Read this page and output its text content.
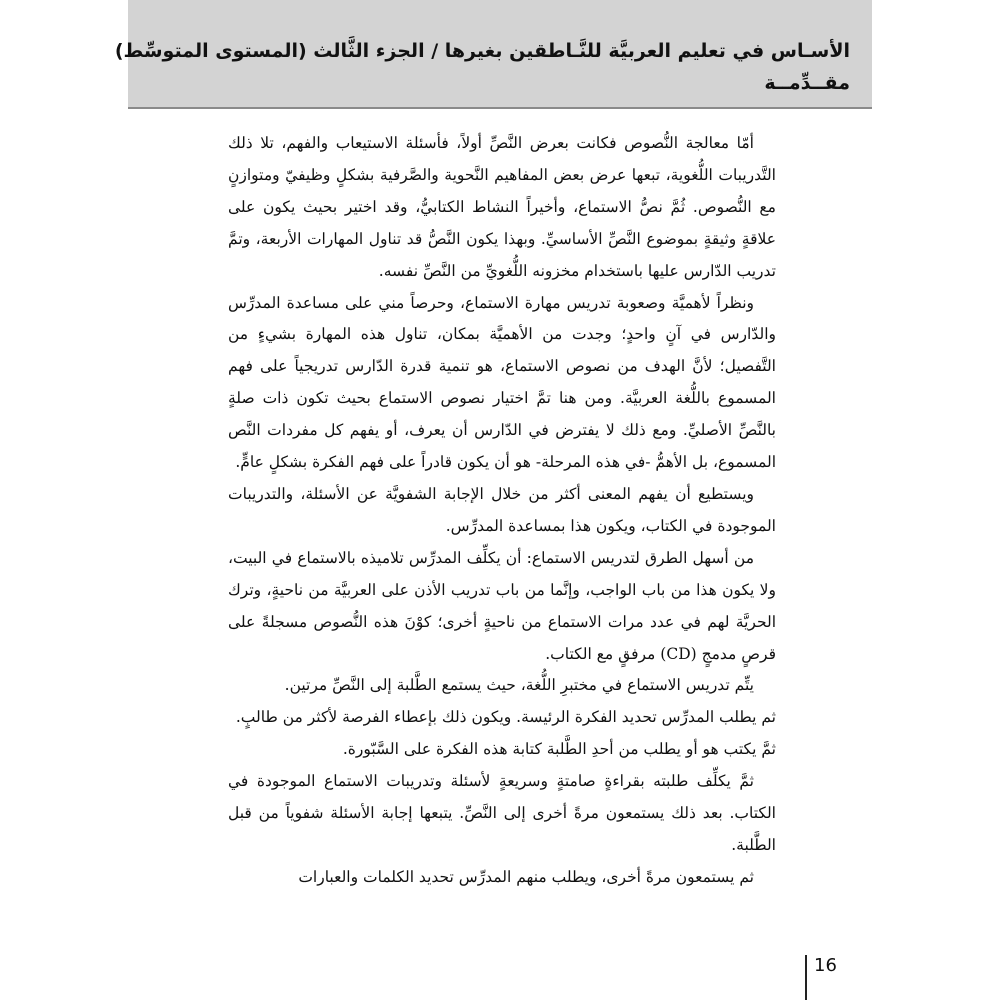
الأسـاس في تعليم العربيَّة للنَّـاطقين بغيرها / الجزء الثَّالث (المستوى المتوسِّط)
مقــدِّمــة

أمّا معالجة النُّصوص فكانت بعرض النَّصِّ أولاً، فأسئلة الاستيعاب والفهم، تلا ذلك التَّدريبات اللُّغوية، تبعها عرض بعض المفاهيم النَّحوية والصَّرفية بشكلٍ وظيفيّ ومتوازنٍ مع النُّصوص. ثُمَّ نصُّ الاستماع، وأخيراً النشاط الكتابيُّ، وقد اختير بحيث يكون على علاقةٍ وثيقةٍ بموضوع النَّصِّ الأساسيِّ. وبهذا يكون النَّصُّ قد تناول المهارات الأربعة، وتمَّ تدريب الدّارس عليها باستخدام مخزونه اللُّغويِّ من النَّصِّ نفسه.

ونظراً لأهميَّة وصعوبة تدريس مهارة الاستماع، وحرصاً مني على مساعدة المدرِّس والدّارس في آنٍ واحدٍ؛ وجدت من الأهميَّة بمكان، تناول هذه المهارة بشيءٍ من التَّفصيل؛ لأنَّ الهدف من نصوص الاستماع، هو تنمية قدرة الدّارس تدريجياً على فهم المسموع باللُّغة العربيَّة. ومن هنا تمَّ اختيار نصوص الاستماع بحيث تكون ذات صلةٍ بالنَّصِّ الأصليِّ. ومع ذلك لا يفترض في الدّارس أن يعرف، أو يفهم كل مفردات النَّص المسموع، بل الأهمُّ -في هذه المرحلة- هو أن يكون قادراً على فهم الفكرة بشكلٍ عامٍّ.

ويستطيع أن يفهم المعنى أكثر من خلال الإجابة الشفويَّة عن الأسئلة، والتدريبات الموجودة في الكتاب، ويكون هذا بمساعدة المدرِّس.

من أسهل الطرق لتدريس الاستماع: أن يكلِّف المدرِّس تلاميذه بالاستماع في البيت، ولا يكون هذا من باب الواجب، وإنَّما من باب تدريب الأذن على العربيَّة من ناحيةٍ، وترك الحريَّة لهم في عدد مرات الاستماع من ناحيةٍ أخرى؛ كوْنَ هذه النُّصوص مسجلةً على قرصٍ مدمجٍ (CD) مرفقٍ مع الكتاب.

يتِّم تدريس الاستماع في مختبرِ اللُّغة، حيث يستمع الطَّلبة إلى النَّصِّ مرتين.

ثم يطلب المدرِّس تحديد الفكرة الرئيسة. ويكون ذلك بإعطاء الفرصة لأكثر من طالبٍ.

ثمَّ يكتب هو أو يطلب من أحدِ الطَّلبة كتابة هذه الفكرة على السَّبّورة.

ثمَّ يكلِّف طلبته بقراءةٍ صامتةٍ وسريعةٍ لأسئلة وتدريبات الاستماع الموجودة في الكتاب. بعد ذلك يستمعون مرةً أخرى إلى النَّصِّ. يتبعها إجابة الأسئلة شفوياً من قبل الطَّلبة.

ثم يستمعون مرةً أخرى، ويطلب منهم المدرِّس تحديد الكلمات والعبارات

16
